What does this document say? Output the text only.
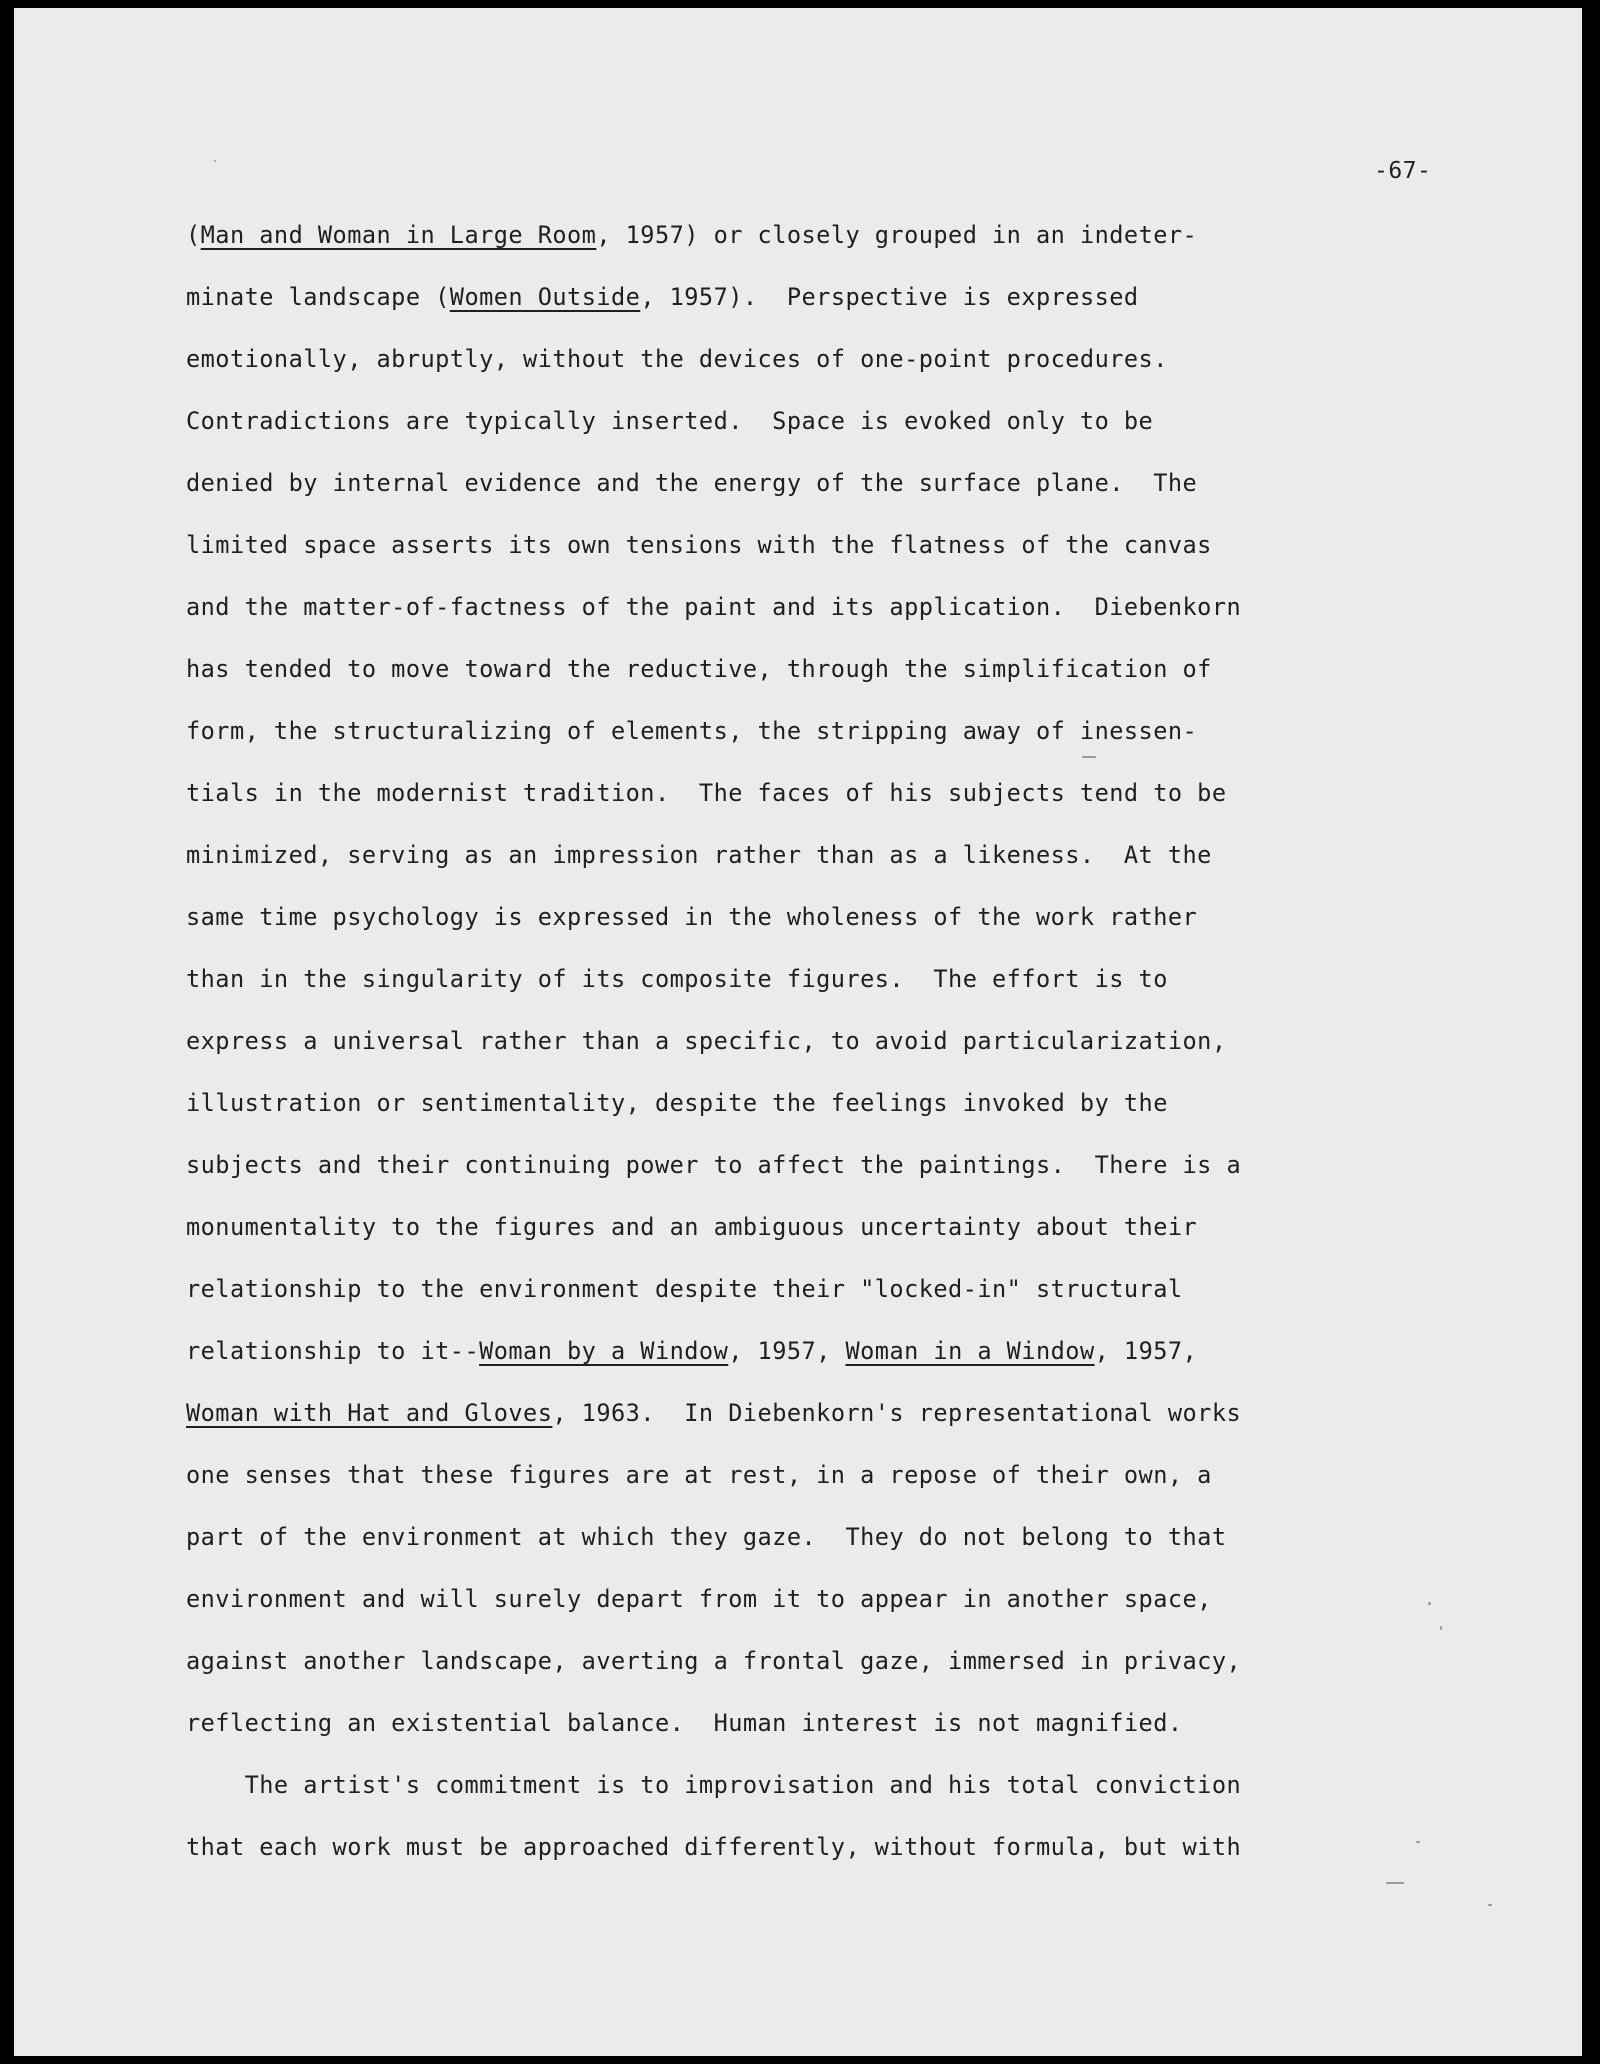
-67-
(Man and Woman in Large Room, 1957) or closely grouped in an indeter-
minate landscape (Women Outside, 1957).  Perspective is expressed
emotionally, abruptly, without the devices of one-point procedures.
Contradictions are typically inserted.  Space is evoked only to be
denied by internal evidence and the energy of the surface plane.  The
limited space asserts its own tensions with the flatness of the canvas
and the matter-of-factness of the paint and its application.  Diebenkorn
has tended to move toward the reductive, through the simplification of
form, the structuralizing of elements, the stripping away of inessen-
tials in the modernist tradition.  The faces of his subjects tend to be
minimized, serving as an impression rather than as a likeness.  At the
same time psychology is expressed in the wholeness of the work rather
than in the singularity of its composite figures.  The effort is to
express a universal rather than a specific, to avoid particularization,
illustration or sentimentality, despite the feelings invoked by the
subjects and their continuing power to affect the paintings.  There is a
monumentality to the figures and an ambiguous uncertainty about their
relationship to the environment despite their "locked-in" structural
relationship to it--Woman by a Window, 1957, Woman in a Window, 1957,
Woman with Hat and Gloves, 1963.  In Diebenkorn's representational works
one senses that these figures are at rest, in a repose of their own, a
part of the environment at which they gaze.  They do not belong to that
environment and will surely depart from it to appear in another space,
against another landscape, averting a frontal gaze, immersed in privacy,
reflecting an existential balance.  Human interest is not magnified.
The artist's commitment is to improvisation and his total conviction
that each work must be approached differently, without formula, but with
